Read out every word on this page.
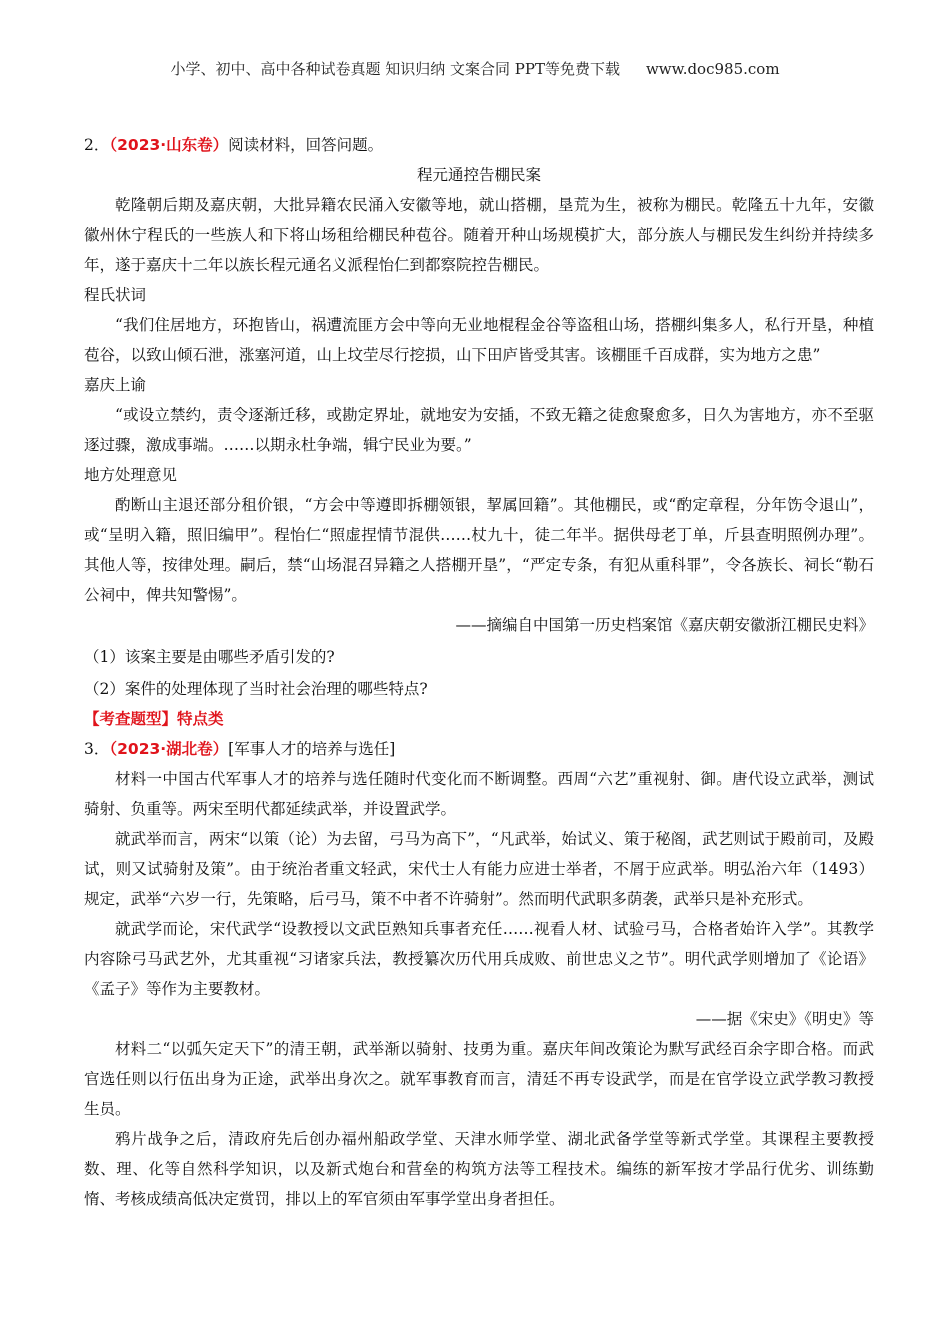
小学、初中、高中各种试卷真题 知识归纳 文案合同 PPT等免费下载 www.doc985.com

2．（2023·山东卷）阅读材料，回答问题。

程元通控告棚民案

乾隆朝后期及嘉庆朝，大批异籍农民涌入安徽等地，就山搭棚，垦荒为生，被称为棚民。乾隆五十九年，安徽徽州休宁程氏的一些族人和下将山场租给棚民种苞谷。随着开种山场规模扩大，部分族人与棚民发生纠纷并持续多年，遂于嘉庆十二年以族长程元通名义派程怡仁到都察院控告棚民。

程氏状词

“我们住居地方，环抱皆山，祸遭流匪方会中等向无业地棍程金谷等盗租山场，搭棚纠集多人，私行开垦，种植苞谷，以致山倾石泄，涨塞河道，山上坟茔尽行挖损，山下田庐皆受其害。该棚匪千百成群，实为地方之患”

嘉庆上谕

“或设立禁约，责令逐渐迁移，或勘定界址，就地安为安插，不致无籍之徒愈聚愈多，日久为害地方，亦不至驱逐过骤，激成事端。……以期永杜争端，辑宁民业为要。”

地方处理意见

酌断山主退还部分租价银，“方会中等遵即拆棚领银，挈属回籍”。其他棚民，或“酌定章程，分年饬令退山”，或“呈明入籍，照旧编甲”。程怡仁“照虚捏情节混供……杖九十，徒二年半。据供母老丁单，斤县查明照例办理”。其他人等，按律处理。嗣后，禁“山场混召异籍之人搭棚开垦”，“严定专条，有犯从重科罪”，令各族长、祠长“勒石公祠中，俾共知警惕”。

——摘编自中国第一历史档案馆《嘉庆朝安徽浙江棚民史料》

（1）该案主要是由哪些矛盾引发的?

（2）案件的处理体现了当时社会治理的哪些特点?

【考查题型】特点类

3．（2023·湖北卷）[军事人才的培养与选任]

材料一中国古代军事人才的培养与选任随时代变化而不断调整。西周“六艺”重视射、御。唐代设立武举，测试骑射、负重等。两宋至明代都延续武举，并设置武学。

就武举而言，两宋“以策（论）为去留，弓马为高下”，“凡武举，始试义、策于秘阁，武艺则试于殿前司，及殿试，则又试骑射及策”。由于统治者重文轻武，宋代士人有能力应进士举者，不屑于应武举。明弘治六年（1493）规定，武举“六岁一行，先策略，后弓马，策不中者不许骑射”。然而明代武职多荫袭，武举只是补充形式。

就武学而论，宋代武学“设教授以文武臣熟知兵事者充任……视看人材、试验弓马，合格者始许入学”。其教学内容除弓马武艺外，尤其重视“习诸家兵法，教授纂次历代用兵成败、前世忠义之节”。明代武学则增加了《论语》《孟子》等作为主要教材。

——据《宋史》《明史》等

材料二“以弧矢定天下”的清王朝，武举渐以骑射、技勇为重。嘉庆年间改策论为默写武经百余字即合格。而武官选任则以行伍出身为正途，武举出身次之。就军事教育而言，清廷不再专设武学，而是在官学设立武学教习教授生员。

鸦片战争之后，清政府先后创办福州船政学堂、天津水师学堂、湖北武备学堂等新式学堂。其课程主要教授数、理、化等自然科学知识，以及新式炮台和营垒的构筑方法等工程技术。编练的新军按才学品行优劣、训练勤惰、考核成绩高低决定赏罚，排以上的军官须由军事学堂出身者担任。
